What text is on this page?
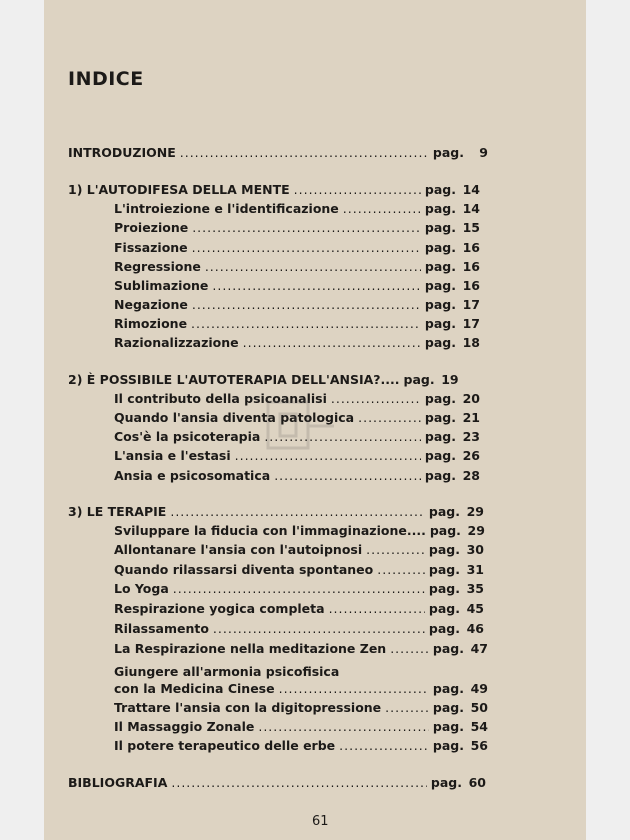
INDICE
INTRODUZIONE .....	pag. 9
1) L'AUTODIFESA DELLA MENTE .....	pag. 14
L'introiezione e l'identificazione .....	pag. 14
Proiezione .....	pag. 15
Fissazione .....	pag. 16
Regressione .....	pag. 16
Sublimazione .....	pag. 16
Negazione .....	pag. 17
Rimozione .....	pag. 17
Razionalizzazione .....	pag. 18
2) È POSSIBILE L'AUTOTERAPIA DELL'ANSIA?.... pag. 19
Il contributo della psicoanalisi .....	pag. 20
Quando l'ansia diventa patologica .....	pag. 21
Cos'è la psicoterapia .....	pag. 23
L'ansia e l'estasi .....	pag. 26
Ansia e psicosomatica .....	pag. 28
3) LE TERAPIE .....	pag. 29
Sviluppare la fiducia con l'immaginazione.... pag. 29
Allontanare l'ansia con l'autoipnosi .....	pag. 30
Quando rilassarsi diventa spontaneo .....	pag. 31
Lo Yoga .....	pag. 35
Respirazione yogica completa .....	pag. 45
Rilassamento .....	pag. 46
La Respirazione nella meditazione Zen .....	pag. 47
Giungere all'armonia psicofisica
con la Medicina Cinese .....	pag. 49
Trattare l'ansia con la digitopressione .....	pag. 50
Il Massaggio Zonale .....	pag. 54
Il potere terapeutico delle erbe .....	pag. 56
BIBLIOGRAFIA .....	pag. 60
61
